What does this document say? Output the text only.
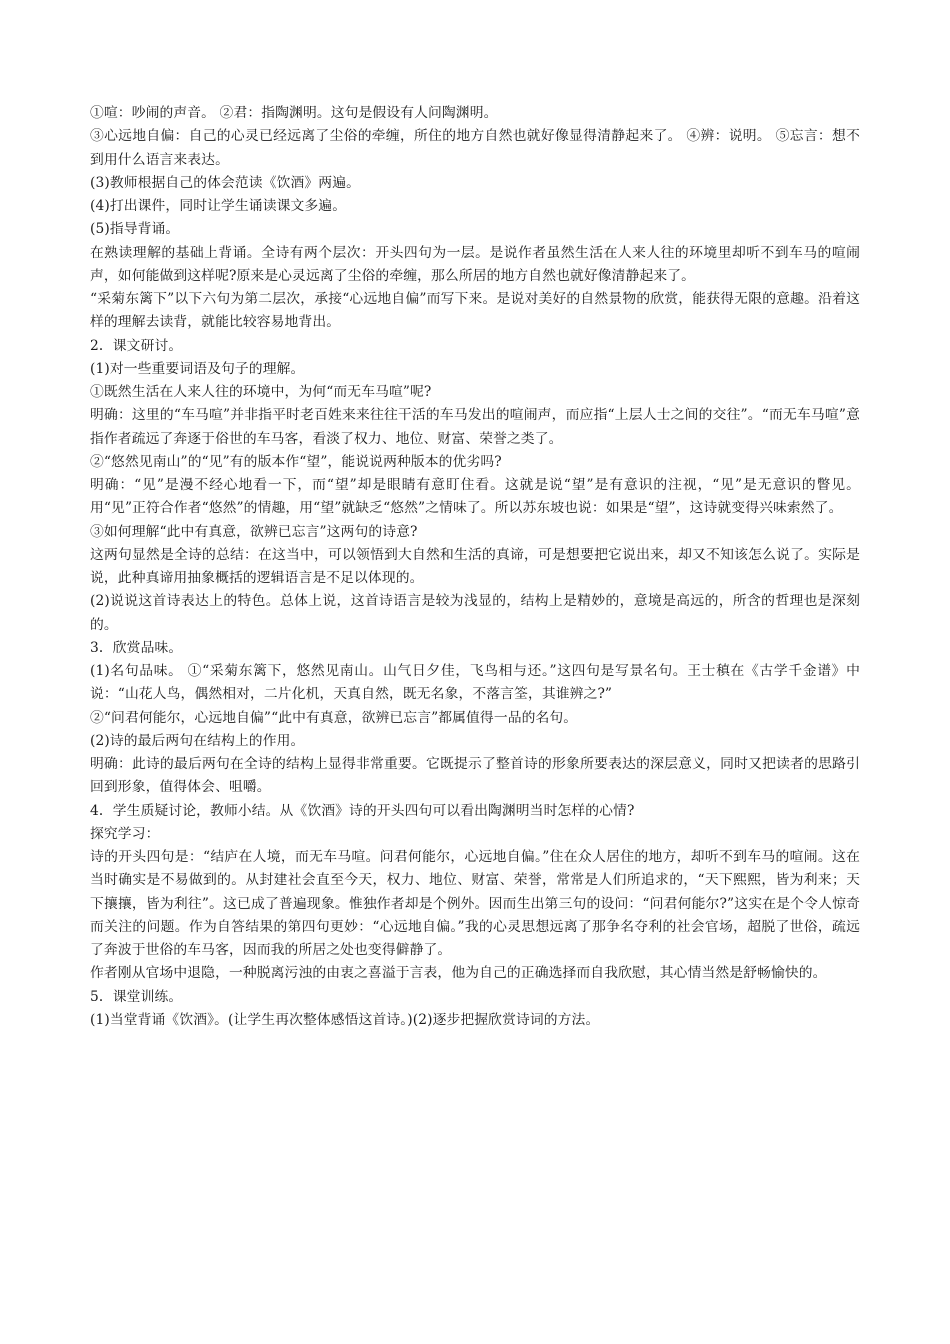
①喧：吵闹的声音。 ②君：指陶渊明。这句是假设有人问陶渊明。

③心远地自偏：自己的心灵已经远离了尘俗的牵缠，所住的地方自然也就好像显得清静起来了。 ④辨：说明。 ⑤忘言：想不到用什么语言来表达。

(3)教师根据自己的体会范读《饮酒》两遍。

(4)打出课件，同时让学生诵读课文多遍。

(5)指导背诵。

在熟读理解的基础上背诵。全诗有两个层次：开头四句为一层。是说作者虽然生活在人来人往的环境里却听不到车马的喧闹声，如何能做到这样呢?原来是心灵远离了尘俗的牵缠，那么所居的地方自然也就好像清静起来了。

“采菊东篱下”以下六句为第二层次，承接“心远地自偏”而写下来。是说对美好的自然景物的欣赏，能获得无限的意趣。沿着这样的理解去读背，就能比较容易地背出。

2．课文研讨。

(1)对一些重要词语及句子的理解。

①既然生活在人来人往的环境中，为何“而无车马喧”呢?

明确：这里的“车马喧”并非指平时老百姓来来往往干活的车马发出的喧闹声，而应指“上层人士之间的交往”。“而无车马喧”意指作者疏远了奔逐于俗世的车马客，看淡了权力、地位、财富、荣誉之类了。

②“悠然见南山”的“见”有的版本作“望”，能说说两种版本的优劣吗?

明确：“见”是漫不经心地看一下，而“望”却是眼睛有意盯住看。这就是说“望”是有意识的注视，“见”是无意识的瞥见。用“见”正符合作者“悠然”的情趣，用“望”就缺乏“悠然”之情味了。所以苏东坡也说：如果是“望”，这诗就变得兴味索然了。

③如何理解“此中有真意，欲辨已忘言”这两句的诗意?

这两句显然是全诗的总结：在这当中，可以领悟到大自然和生活的真谛，可是想要把它说出来，却又不知该怎么说了。实际是说，此种真谛用抽象概括的逻辑语言是不足以体现的。

(2)说说这首诗表达上的特色。总体上说，这首诗语言是较为浅显的，结构上是精妙的，意境是高远的，所含的哲理也是深刻的。

3．欣赏品味。

(1)名句品味。 ①“采菊东篱下，悠然见南山。山气日夕佳，飞鸟相与还。”这四句是写景名句。王士稹在《古学千金谱》中说：“山花人鸟，偶然相对，二片化机，天真自然，既无名象，不落言筌，其谁辨之?”

②“问君何能尔，心远地自偏”“此中有真意，欲辨已忘言”都属值得一品的名句。

(2)诗的最后两句在结构上的作用。

明确：此诗的最后两句在全诗的结构上显得非常重要。它既提示了整首诗的形象所要表达的深层意义，同时又把读者的思路引回到形象，值得体会、咀嚼。

4．学生质疑讨论，教师小结。从《饮酒》诗的开头四句可以看出陶渊明当时怎样的心情?

探究学习：

诗的开头四句是：“结庐在人境，而无车马喧。问君何能尔，心远地自偏。”住在众人居住的地方，却听不到车马的喧闹。这在当时确实是不易做到的。从封建社会直至今天，权力、地位、财富、荣誉，常常是人们所追求的，“天下熙熙，皆为利来；天下攘攘，皆为利往”。这已成了普遍现象。惟独作者却是个例外。因而生出第三句的设问：“问君何能尔?”这实在是个令人惊奇而关注的问题。作为自答结果的第四句更妙：“心远地自偏。”我的心灵思想远离了那争名夺利的社会官场，超脱了世俗，疏远了奔波于世俗的车马客，因而我的所居之处也变得僻静了。

作者刚从官场中退隐，一种脱离污浊的由衷之喜溢于言表，他为自己的正确选择而自我欣慰，其心情当然是舒畅愉快的。

5．课堂训练。

(1)当堂背诵《饮酒》。(让学生再次整体感悟这首诗。)(2)逐步把握欣赏诗词的方法。
